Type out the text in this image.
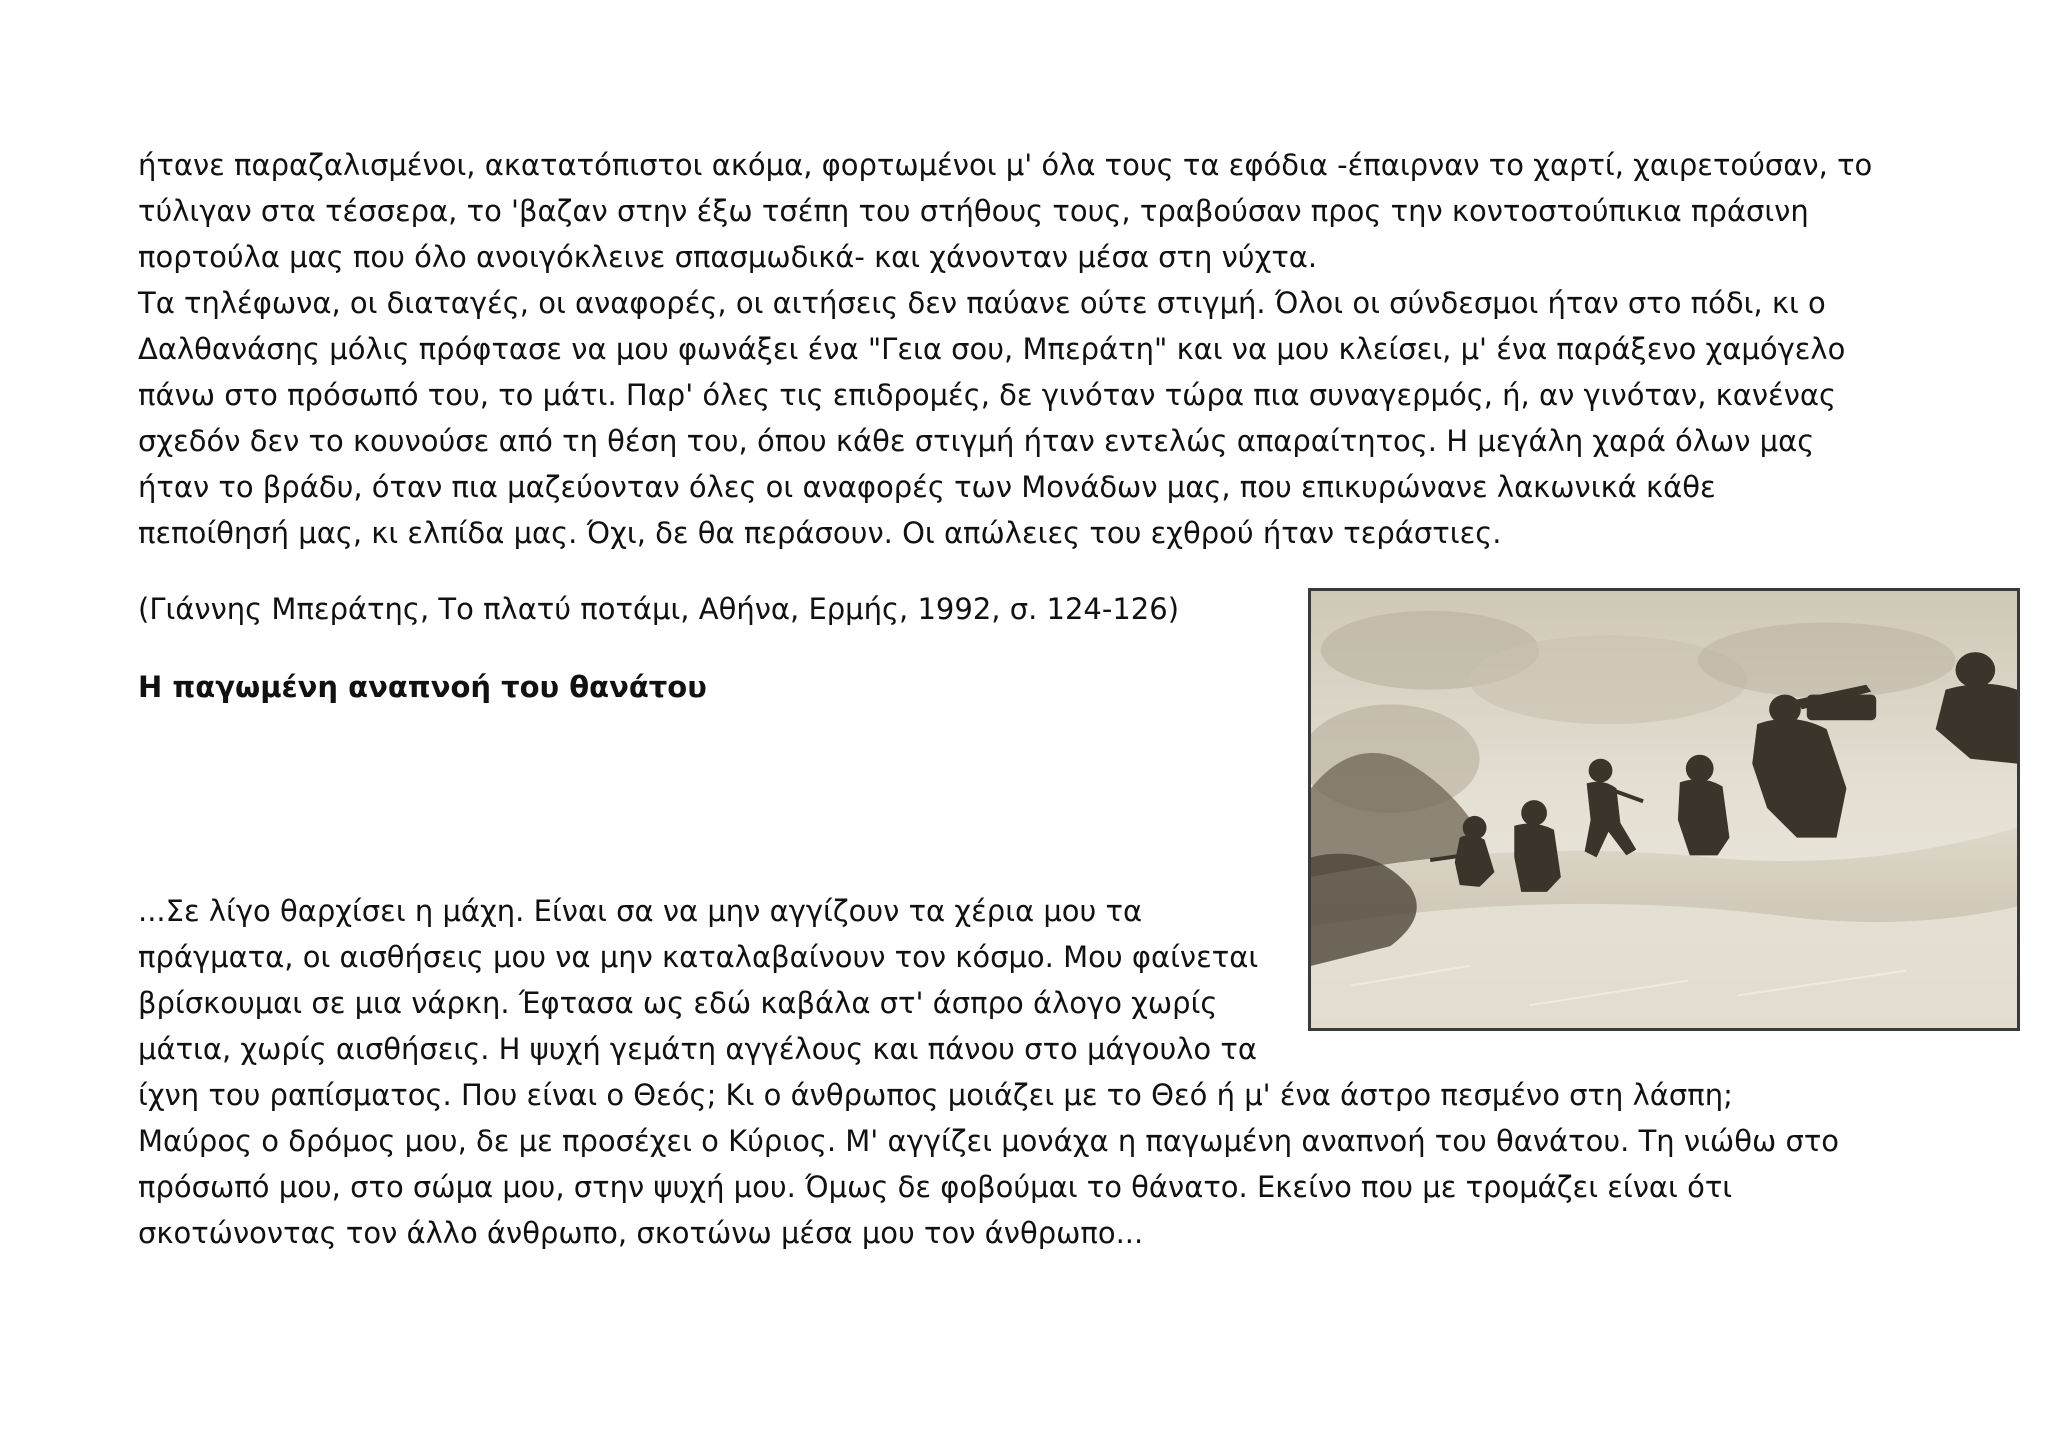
ήτανε παραζαλισμένοι, ακατατόπιστοι ακόμα, φορτωμένοι μ' όλα τους τα εφόδια -έπαιρναν το χαρτί, χαιρετούσαν, το
τύλιγαν στα τέσσερα, το 'βαζαν στην έξω τσέπη του στήθους τους, τραβούσαν προς την κοντοστούπικια πράσινη
πορτούλα μας που όλο ανοιγόκλεινε σπασμωδικά- και χάνονταν μέσα στη νύχτα.
Τα τηλέφωνα, οι διαταγές, οι αναφορές, οι αιτήσεις δεν παύανε ούτε στιγμή. Όλοι οι σύνδεσμοι ήταν στο πόδι, κι ο
Δαλθανάσης μόλις πρόφτασε να μου φωνάξει ένα "Γεια σου, Μπεράτη" και να μου κλείσει, μ' ένα παράξενο χαμόγελο
πάνω στο πρόσωπό του, το μάτι. Παρ' όλες τις επιδρομές, δε γινόταν τώρα πια συναγερμός, ή, αν γινόταν, κανένας
σχεδόν δεν το κουνούσε από τη θέση του, όπου κάθε στιγμή ήταν εντελώς απαραίτητος. Η μεγάλη χαρά όλων μας
ήταν το βράδυ, όταν πια μαζεύονταν όλες οι αναφορές των Μονάδων μας, που επικυρώνανε λακωνικά κάθε
πεποίθησή μας, κι ελπίδα μας. Όχι, δε θα περάσουν. Οι απώλειες του εχθρού ήταν τεράστιες.
(Γιάννης Μπεράτης, Το πλατύ ποτάμι, Αθήνα, Ερμής, 1992, σ. 124-126)
Η παγωμένη αναπνοή του θανάτου
...Σε λίγο θαρχίσει η μάχη. Είναι σα να μην αγγίζουν τα χέρια μου τα
πράγματα, οι αισθήσεις μου να μην καταλαβαίνουν τον κόσμο. Μου φαίνεται
βρίσκουμαι σε μια νάρκη. Έφτασα ως εδώ καβάλα στ' άσπρο άλογο χωρίς
μάτια, χωρίς αισθήσεις. Η ψυχή γεμάτη αγγέλους και πάνου στο μάγουλο τα
ίχνη του ραπίσματος. Που είναι ο Θεός; Κι ο άνθρωπος μοιάζει με το Θεό ή μ' ένα άστρο πεσμένο στη λάσπη;
Μαύρος ο δρόμος μου, δε με προσέχει ο Κύριος. Μ' αγγίζει μονάχα η παγωμένη αναπνοή του θανάτου. Τη νιώθω στο
πρόσωπό μου, στο σώμα μου, στην ψυχή μου. Όμως δε φοβούμαι το θάνατο. Εκείνο που με τρομάζει είναι ότι
σκοτώνοντας τον άλλο άνθρωπο, σκοτώνω μέσα μου τον άνθρωπο...
